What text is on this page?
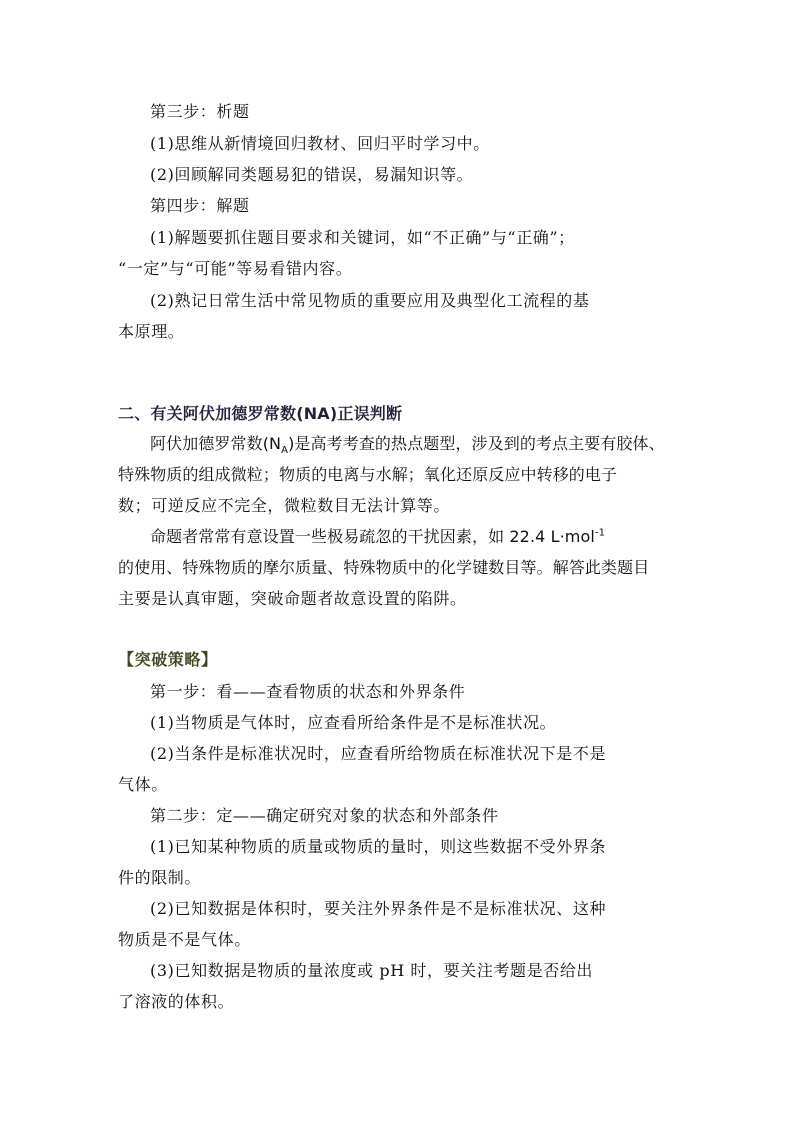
第三步：析题
(1)思维从新情境回归教材、回归平时学习中。
(2)回顾解同类题易犯的错误，易漏知识等。
第四步：解题
(1)解题要抓住题目要求和关键词，如“不正确”与“正确”；
“一定”与“可能”等易看错内容。
(2)熟记日常生活中常见物质的重要应用及典型化工流程的基
本原理。
二、有关阿伏加德罗常数(NA)正误判断
阿伏加德罗常数$(N_A)$是高考考查的热点题型，涉及到的考点主要有胶体、
特殊物质的组成微粒；物质的电离与水解；氧化还原反应中转移的电子
数；可逆反应不完全，微粒数目无法计算等。
命题者常常有意设置一些极易疏忽的干扰因素，如 22.4 L·mol$^{-1}$
的使用、特殊物质的摩尔质量、特殊物质中的化学键数目等。解答此类题目
主要是认真审题，突破命题者故意设置的陷阱。
【突破策略】
第一步：看——查看物质的状态和外界条件
(1)当物质是气体时，应查看所给条件是不是标准状况。
(2)当条件是标准状况时，应查看所给物质在标准状况下是不是
气体。
第二步：定——确定研究对象的状态和外部条件
(1)已知某种物质的质量或物质的量时，则这些数据不受外界条
件的限制。
(2)已知数据是体积时，要关注外界条件是不是标准状况、这种
物质是不是气体。
(3)已知数据是物质的量浓度或 pH 时，要关注考题是否给出
了溶液的体积。
